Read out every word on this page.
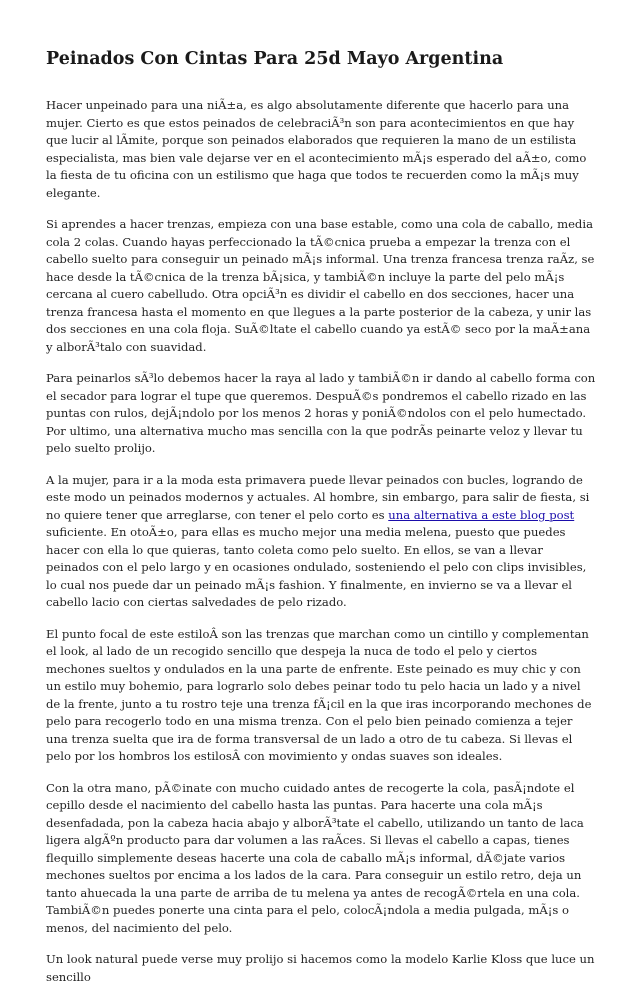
Peinados Con Cintas Para 25d Mayo Argentina

Hacer unpeinado para una niÃ±a, es algo absolutamente diferente que hacerlo para una mujer. Cierto es que estos peinados de celebraciÃ³n son para acontecimientos en que hay que lucir al lÃmite, porque son peinados elaborados que requieren la mano de un estilista especialista, mas bien vale dejarse ver en el acontecimiento mÃ¡s esperado del aÃ±o, como la fiesta de tu oficina con un estilismo que haga que todos te recuerden como la mÃ¡s muy elegante.

Si aprendes a hacer trenzas, empieza con una base estable, como una cola de caballo, media cola 2 colas. Cuando hayas perfeccionado la tÃ©cnica prueba a empezar la trenza con el cabello suelto para conseguir un peinado mÃ¡s informal. Una trenza francesa trenza raÃz, se hace desde la tÃ©cnica de la trenza bÃ¡sica, y tambiÃ©n incluye la parte del pelo mÃ¡s cercana al cuero cabelludo. Otra opciÃ³n es dividir el cabello en dos secciones, hacer una trenza francesa hasta el momento en que llegues a la parte posterior de la cabeza, y unir las dos secciones en una cola floja. SuÃ©ltate el cabello cuando ya estÃ© seco por la maÃ±ana y alborÃ³talo con suavidad.

Para peinarlos sÃ³lo debemos hacer la raya al lado y tambiÃ©n ir dando al cabello forma con el secador para lograr el tupe que queremos. DespuÃ©s pondremos el cabello rizado en las puntas con rulos, dejÃ¡ndolo por los menos 2 horas y poniÃ©ndolos con el pelo humectado. Por ultimo, una alternativa mucho mas sencilla con la que podrÃs peinarte veloz y llevar tu pelo suelto prolijo.

A la mujer, para ir a la moda esta primavera puede llevar peinados con bucles, logrando de este modo un peinados modernos y actuales. Al hombre, sin embargo, para salir de fiesta, si no quiere tener que arreglarse, con tener el pelo corto es una alternativa a este blog post suficiente. En otoÃ±o, para ellas es mucho mejor una media melena, puesto que puedes hacer con ella lo que quieras, tanto coleta como pelo suelto. En ellos, se van a llevar peinados con el pelo largo y en ocasiones ondulado, sosteniendo el pelo con clips invisibles, lo cual nos puede dar un peinado mÃ¡s fashion. Y finalmente, en invierno se va a llevar el cabello lacio con ciertas salvedades de pelo rizado.

El punto focal de este estiloÂ son las trenzas que marchan como un cintillo y complementan el look, al lado de un recogido sencillo que despeja la nuca de todo el pelo y ciertos mechones sueltos y ondulados en la una parte de enfrente. Este peinado es muy chic y con un estilo muy bohemio, para lograrlo solo debes peinar todo tu pelo hacia un lado y a nivel de la frente, junto a tu rostro teje una trenza fÃ¡cil en la que iras incorporando mechones de pelo para recogerlo todo en una misma trenza. Con el pelo bien peinado comienza a tejer una trenza suelta que ira de forma transversal de un lado a otro de tu cabeza. Si llevas el pelo por los hombros los estilosÂ con movimiento y ondas suaves son ideales.

Con la otra mano, pÃ©inate con mucho cuidado antes de recogerte la cola, pasÃ¡ndote el cepillo desde el nacimiento del cabello hasta las puntas. Para hacerte una cola mÃ¡s desenfadada, pon la cabeza hacia abajo y alborÃ³tate el cabello, utilizando un tanto de laca ligera algÃºn producto para dar volumen a las raÃces. Si llevas el cabello a capas, tienes flequillo simplemente deseas hacerte una cola de caballo mÃ¡s informal, dÃ©jate varios mechones sueltos por encima a los lados de la cara. Para conseguir un estilo retro, deja un tanto ahuecada la una parte de arriba de tu melena ya antes de recogÃ©rtela en una cola. TambiÃ©n puedes ponerte una cinta para el pelo, colocÃ¡ndola a media pulgada, mÃ¡s o menos, del nacimiento del pelo.

Un look natural puede verse muy prolijo si hacemos como la modelo Karlie Kloss que luce un sencillo
